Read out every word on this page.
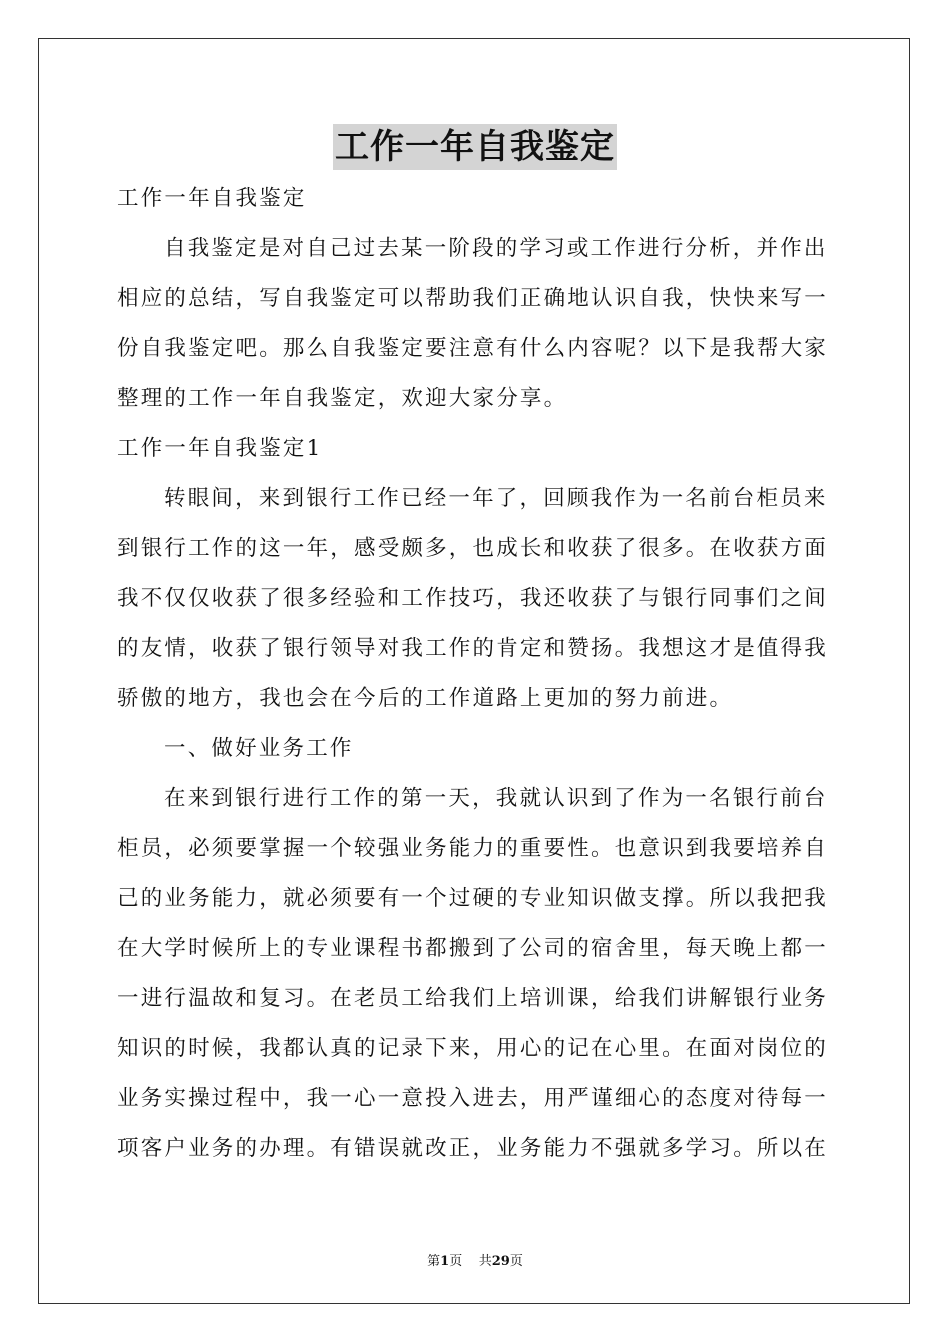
工作一年自我鉴定
工作一年自我鉴定
自我鉴定是对自己过去某一阶段的学习或工作进行分析，并作出
相应的总结，写自我鉴定可以帮助我们正确地认识自我，快快来写一
份自我鉴定吧。那么自我鉴定要注意有什么内容呢？以下是我帮大家
整理的工作一年自我鉴定，欢迎大家分享。
工作一年自我鉴定1
转眼间，来到银行工作已经一年了，回顾我作为一名前台柜员来
到银行工作的这一年，感受颇多，也成长和收获了很多。在收获方面
我不仅仅收获了很多经验和工作技巧，我还收获了与银行同事们之间
的友情，收获了银行领导对我工作的肯定和赞扬。我想这才是值得我
骄傲的地方，我也会在今后的工作道路上更加的努力前进。
一、做好业务工作
在来到银行进行工作的第一天，我就认识到了作为一名银行前台
柜员，必须要掌握一个较强业务能力的重要性。也意识到我要培养自
己的业务能力，就必须要有一个过硬的专业知识做支撑。所以我把我
在大学时候所上的专业课程书都搬到了公司的宿舍里，每天晚上都一
一进行温故和复习。在老员工给我们上培训课，给我们讲解银行业务
知识的时候，我都认真的记录下来，用心的记在心里。在面对岗位的
业务实操过程中，我一心一意投入进去，用严谨细心的态度对待每一
项客户业务的办理。有错误就改正，业务能力不强就多学习。所以在
第1页 共29页
